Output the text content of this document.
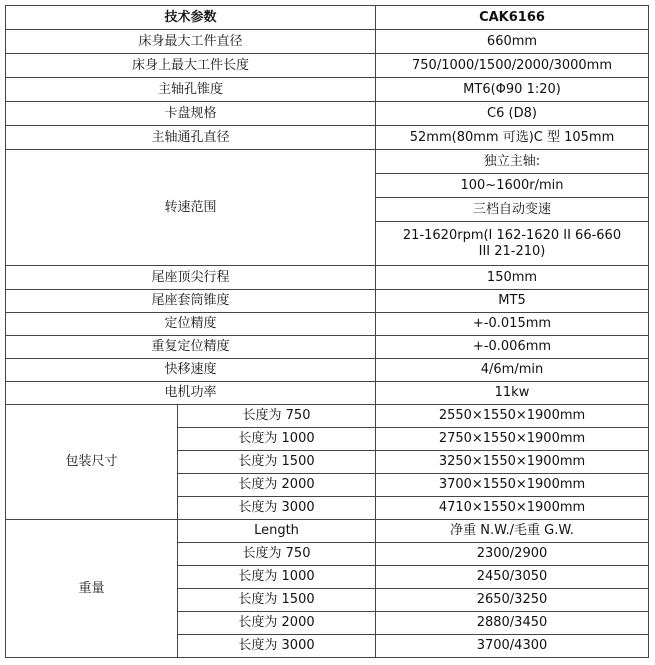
技术参数		CAK6166
床身最大工件直径		660mm
床身上最大工件长度		750/1000/1500/2000/3000mm
主轴孔锥度		MT6(Φ90 1:20)
卡盘规格		C6 (D8)
主轴通孔直径		52mm(80mm 可选)C 型 105mm
转速范围		独立主轴:
		100~1600r/min
		三档自动变速
		21-1620rpm(I 162-1620 II 66-660 III 21-210)
尾座顶尖行程		150mm
尾座套筒锥度		MT5
定位精度		+-0.015mm
重复定位精度		+-0.006mm
快移速度		4/6m/min
电机功率		11kw
包装尺寸	长度为 750	2550×1550×1900mm
	长度为 1000	2750×1550×1900mm
	长度为 1500	3250×1550×1900mm
	长度为 2000	3700×1550×1900mm
	长度为 3000	4710×1550×1900mm
重量	Length	净重 N.W./毛重 G.W.
	长度为 750	2300/2900
	长度为 1000	2450/3050
	长度为 1500	2650/3250
	长度为 2000	2880/3450
	长度为 3000	3700/4300
